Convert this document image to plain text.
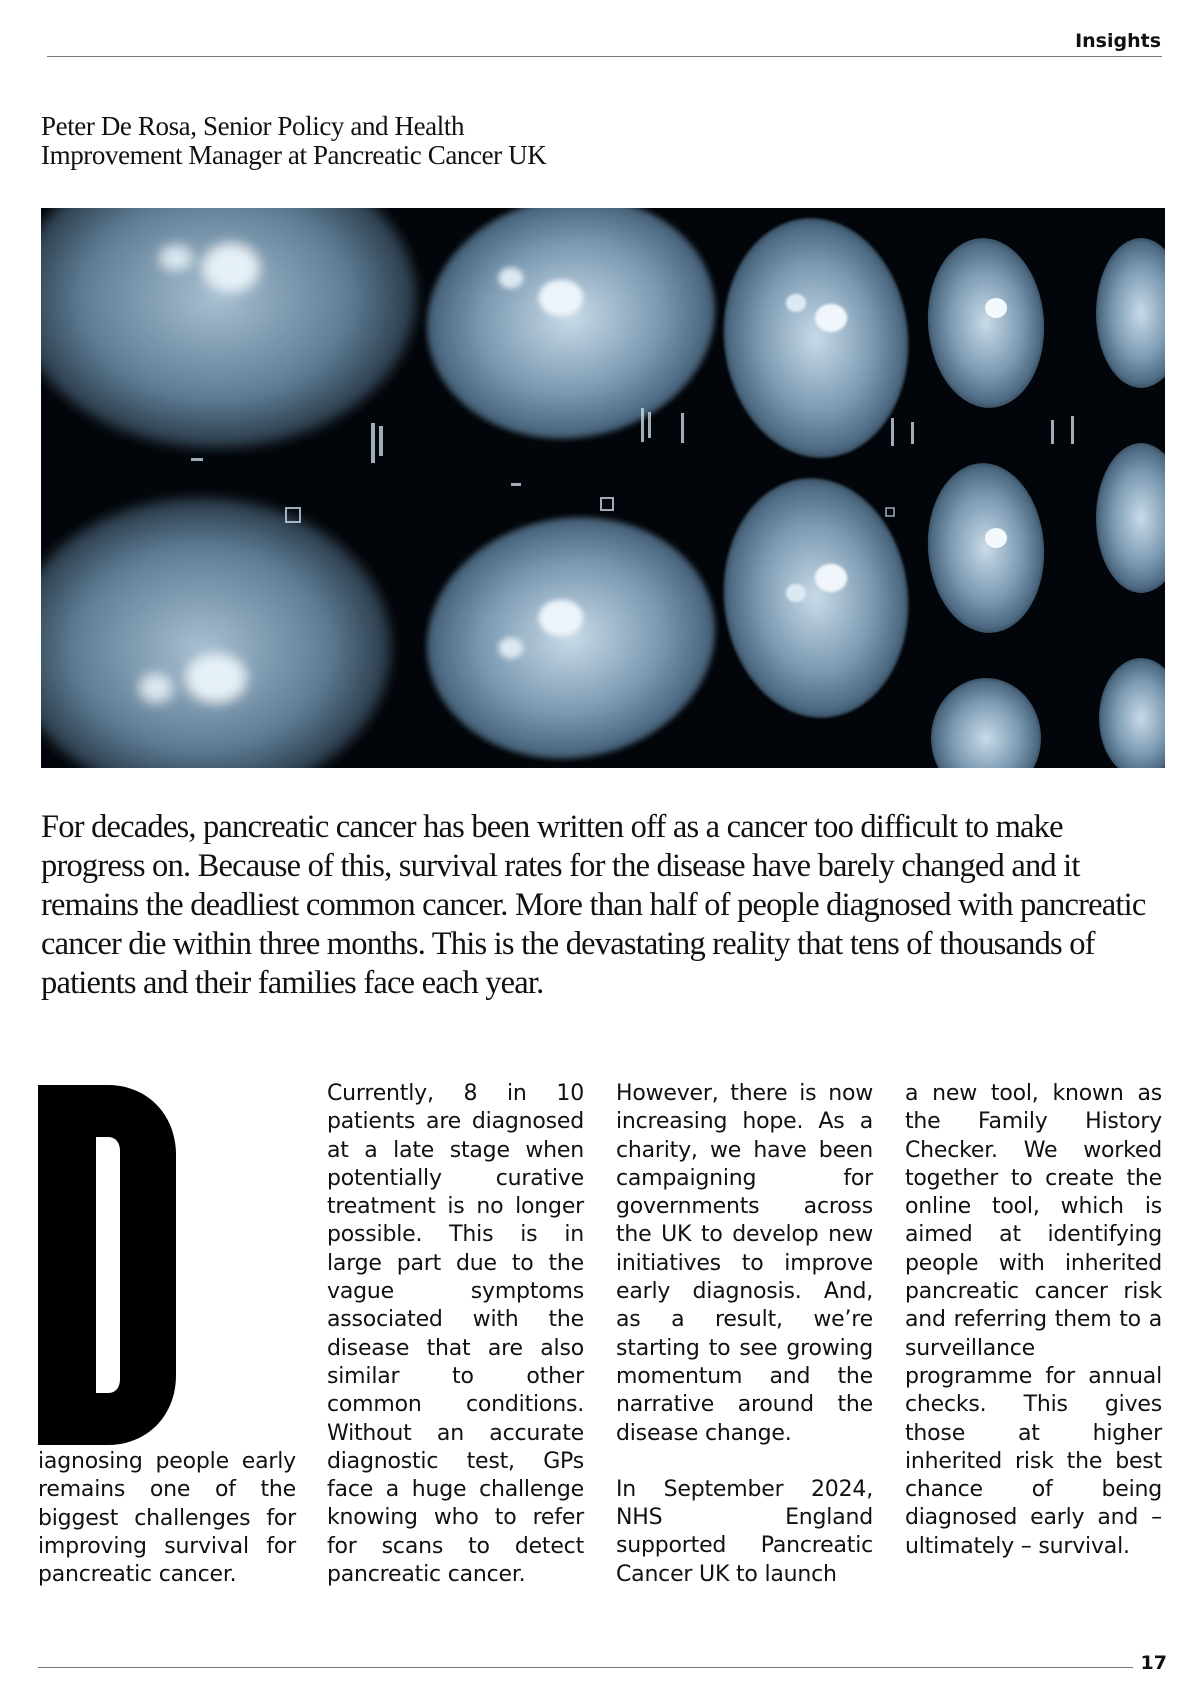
Insights
Peter De Rosa, Senior Policy and Health
Improvement Manager at Pancreatic Cancer UK
For decades, pancreatic cancer has been written off as a cancer too difficult to make progress on. Because of this, survival rates for the disease have barely changed and it remains the deadliest common cancer. More than half of people diagnosed with pancreatic cancer die within three months. This is the devastating reality that tens of thousands of patients and their families face each year.

iagnosing people early remains one of the biggest challenges for improving survival for pancreatic cancer.

Currently, 8 in 10 patients are diagnosed at a late stage when potentially curative treatment is no longer possible. This is in large part due to the vague symptoms associated with the disease that are also similar to other common conditions. Without an accurate diagnostic test, GPs face a huge challenge knowing who to refer for scans to detect pancreatic cancer.

However, there is now increasing hope. As a charity, we have been campaigning for governments across the UK to develop new initiatives to improve early diagnosis. And, as a result, we’re starting to see growing momentum and the narrative around the disease change.

In September 2024, NHS England supported Pancreatic Cancer UK to launch

a new tool, known as the Family History Checker. We worked together to create the online tool, which is aimed at identifying people with inherited pancreatic cancer risk and referring them to a surveillance programme for annual checks. This gives those at higher inherited risk the best chance of being diagnosed early and – ultimately – survival.

17
